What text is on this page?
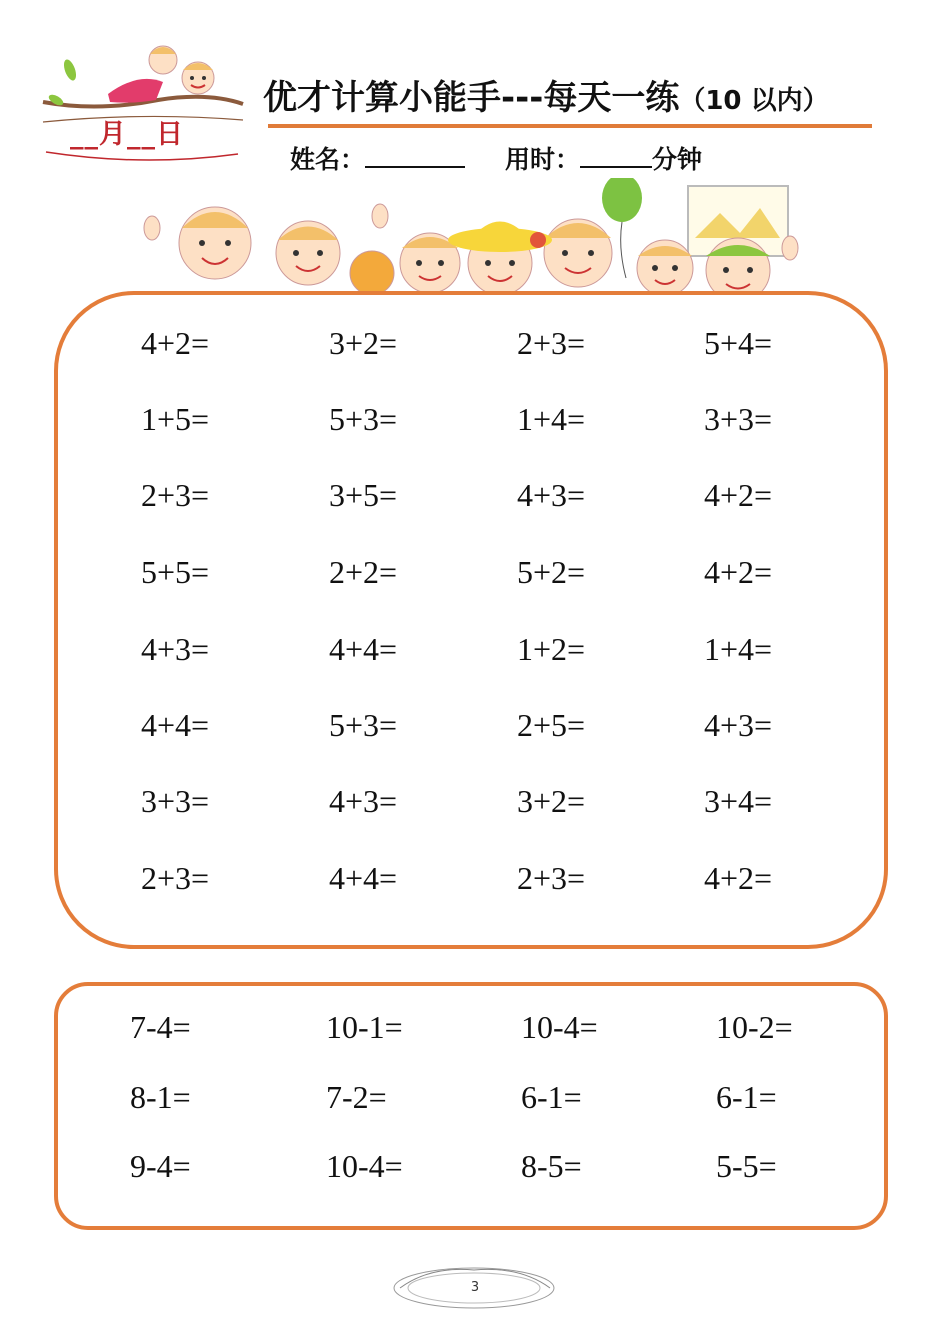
__月__日
优才计算小能手---每天一练（10 以内）
姓名：	用时：	分钟
4+2=	3+2=	2+3=	5+4=
1+5=	5+3=	1+4=	3+3=
2+3=	3+5=	4+3=	4+2=
5+5=	2+2=	5+2=	4+2=
4+3=	4+4=	1+2=	1+4=
4+4=	5+3=	2+5=	4+3=
3+3=	4+3=	3+2=	3+4=
2+3=	4+4=	2+3=	4+2=
7-4=	10-1=	10-4=	10-2=
8-1=	7-2=	6-1=	6-1=
9-4=	10-4=	8-5=	5-5=
3
